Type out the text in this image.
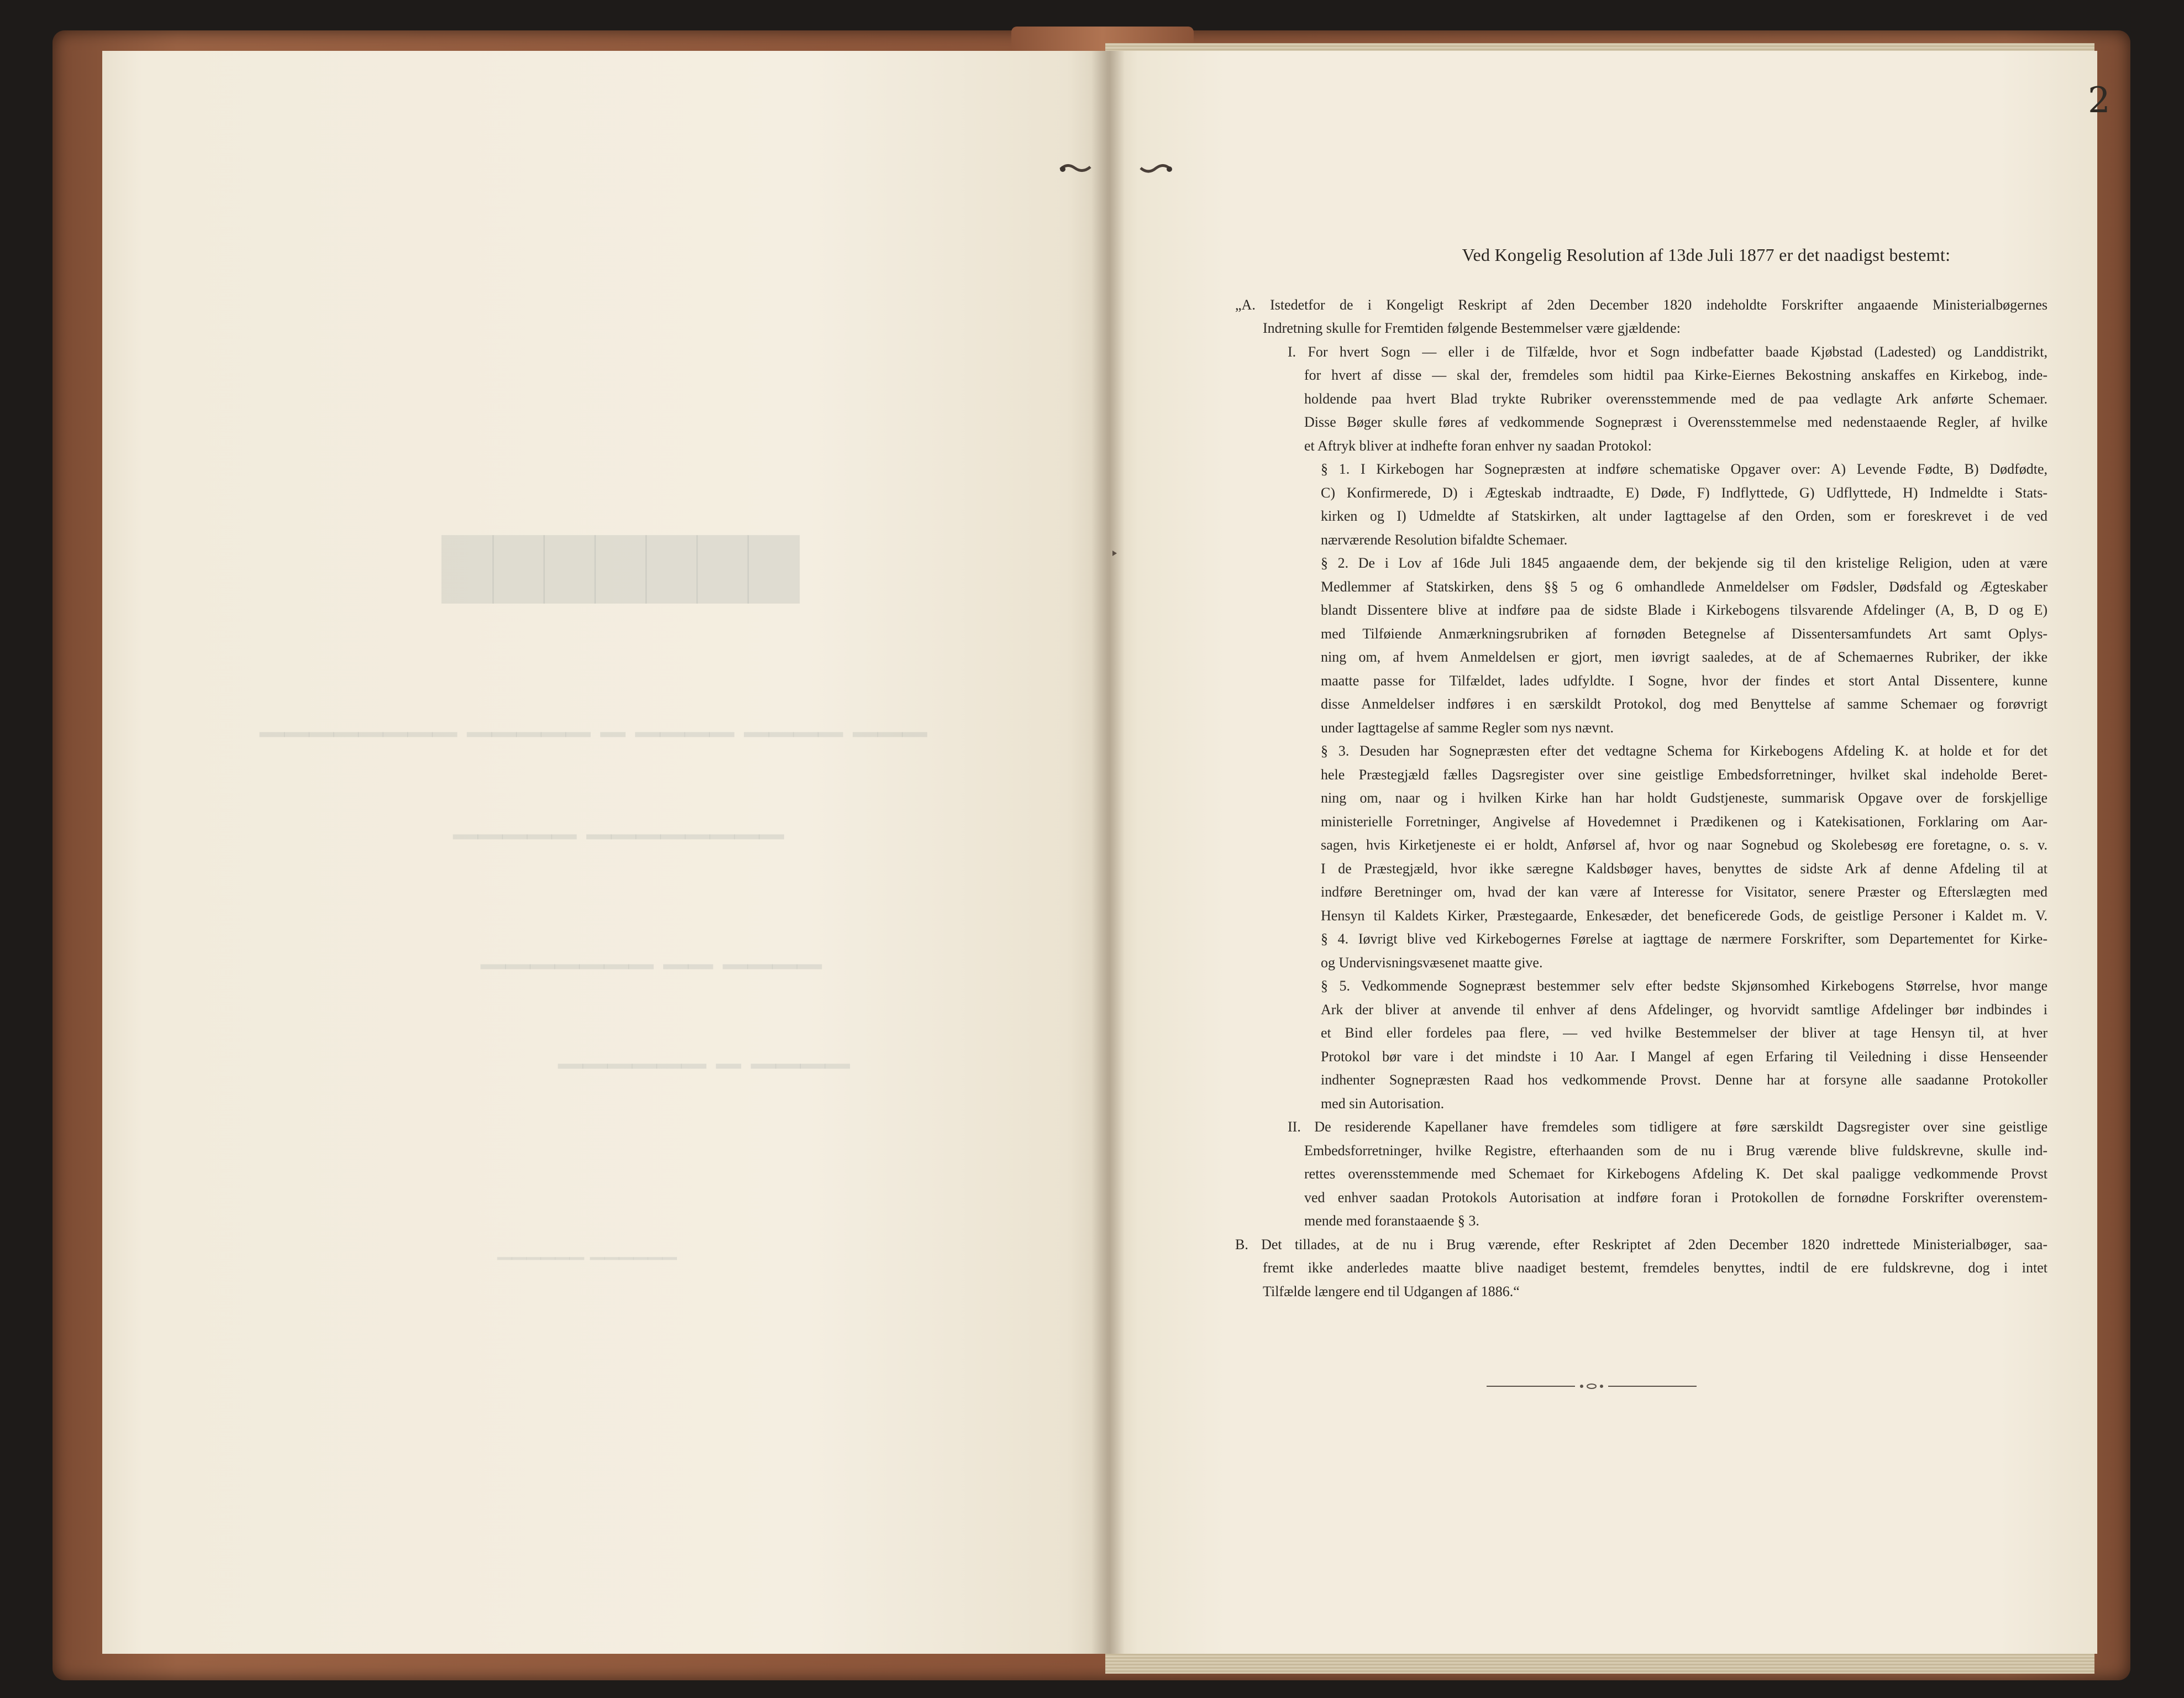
▇▇▇▇▇▇▇
▁▁▁ ▁▁▁▁ ▁▁▁▁ ▁ ▁▁▁▁▁ ▁▁▁▁▁▁▁▁
▁▁▁▁▁▁▁▁ ▁▁▁▁▁
▁▁▁▁ ▁▁ ▁▁▁▁▁▁▁
▁▁▁▁ ▁ ▁▁▁▁▁▁
▁▁▁▁▁▁ ▁▁▁▁▁▁
2
Ved Kongelig Resolution af 13de Juli 1877 er det naadigst bestemt:
„A. Istedetfor de i Kongeligt Reskript af 2den December 1820 indeholdte Forskrifter angaaende Ministerialbøgernes
Indretning skulle for Fremtiden følgende Bestemmelser være gjældende:
I. For hvert Sogn — eller i de Tilfælde, hvor et Sogn indbefatter baade Kjøbstad (Ladested) og Landdistrikt,
for hvert af disse — skal der, fremdeles som hidtil paa Kirke-Eiernes Bekostning anskaffes en Kirkebog, inde-
holdende paa hvert Blad trykte Rubriker overensstemmende med de paa vedlagte Ark anførte Schemaer.
Disse Bøger skulle føres af vedkommende Sognepræst i Overensstemmelse med nedenstaaende Regler, af hvilke
et Aftryk bliver at indhefte foran enhver ny saadan Protokol:
§ 1. I Kirkebogen har Sognepræsten at indføre schematiske Opgaver over: A) Levende Fødte, B) Dødfødte,
C) Konfirmerede, D) i Ægteskab indtraadte, E) Døde, F) Indflyttede, G) Udflyttede, H) Indmeldte i Stats-
kirken og I) Udmeldte af Statskirken, alt under Iagttagelse af den Orden, som er foreskrevet i de ved
nærværende Resolution bifaldte Schemaer.
§ 2. De i Lov af 16de Juli 1845 angaaende dem, der bekjende sig til den kristelige Religion, uden at være
Medlemmer af Statskirken, dens §§ 5 og 6 omhandlede Anmeldelser om Fødsler, Dødsfald og Ægteskaber
blandt Dissentere blive at indføre paa de sidste Blade i Kirkebogens tilsvarende Afdelinger (A, B, D og E)
med Tilføiende Anmærkningsrubriken af fornøden Betegnelse af Dissentersamfundets Art samt Oplys-
ning om, af hvem Anmeldelsen er gjort, men iøvrigt saaledes, at de af Schemaernes Rubriker, der ikke
maatte passe for Tilfældet, lades udfyldte. I Sogne, hvor der findes et stort Antal Dissentere, kunne
disse Anmeldelser indføres i en særskildt Protokol, dog med Benyttelse af samme Schemaer og forøvrigt
under Iagttagelse af samme Regler som nys nævnt.
§ 3. Desuden har Sognepræsten efter det vedtagne Schema for Kirkebogens Afdeling K. at holde et for det
hele Præstegjæld fælles Dagsregister over sine geistlige Embedsforretninger, hvilket skal indeholde Beret-
ning om, naar og i hvilken Kirke han har holdt Gudstjeneste, summarisk Opgave over de forskjellige
ministerielle Forretninger, Angivelse af Hovedemnet i Prædikenen og i Katekisationen, Forklaring om Aar-
sagen, hvis Kirketjeneste ei er holdt, Anførsel af, hvor og naar Sognebud og Skolebesøg ere foretagne, o. s. v.
I de Præstegjæld, hvor ikke særegne Kaldsbøger haves, benyttes de sidste Ark af denne Afdeling til at
indføre Beretninger om, hvad der kan være af Interesse for Visitator, senere Præster og Efterslægten med
Hensyn til Kaldets Kirker, Præstegaarde, Enkesæder, det beneficerede Gods, de geistlige Personer i Kaldet m. V.
§ 4. Iøvrigt blive ved Kirkebogernes Førelse at iagttage de nærmere Forskrifter, som Departementet for Kirke-
og Undervisningsvæsenet maatte give.
§ 5. Vedkommende Sognepræst bestemmer selv efter bedste Skjønsomhed Kirkebogens Størrelse, hvor mange
Ark der bliver at anvende til enhver af dens Afdelinger, og hvorvidt samtlige Afdelinger bør indbindes i
et Bind eller fordeles paa flere, — ved hvilke Bestemmelser der bliver at tage Hensyn til, at hver
Protokol bør vare i det mindste i 10 Aar. I Mangel af egen Erfaring til Veiledning i disse Henseender
indhenter Sognepræsten Raad hos vedkommende Provst. Denne har at forsyne alle saadanne Protokoller
med sin Autorisation.
II. De residerende Kapellaner have fremdeles som tidligere at føre særskildt Dagsregister over sine geistlige
Embedsforretninger, hvilke Registre, efterhaanden som de nu i Brug værende blive fuldskrevne, skulle ind-
rettes overensstemmende med Schemaet for Kirkebogens Afdeling K. Det skal paaligge vedkommende Provst
ved enhver saadan Protokols Autorisation at indføre foran i Protokollen de fornødne Forskrifter overenstem-
mende med foranstaaende § 3.
B. Det tillades, at de nu i Brug værende, efter Reskriptet af 2den December 1820 indrettede Ministerialbøger, saa-
fremt ikke anderledes maatte blive naadiget bestemt, fremdeles benyttes, indtil de ere fuldskrevne, dog i intet
Tilfælde længere end til Udgangen af 1886.“
